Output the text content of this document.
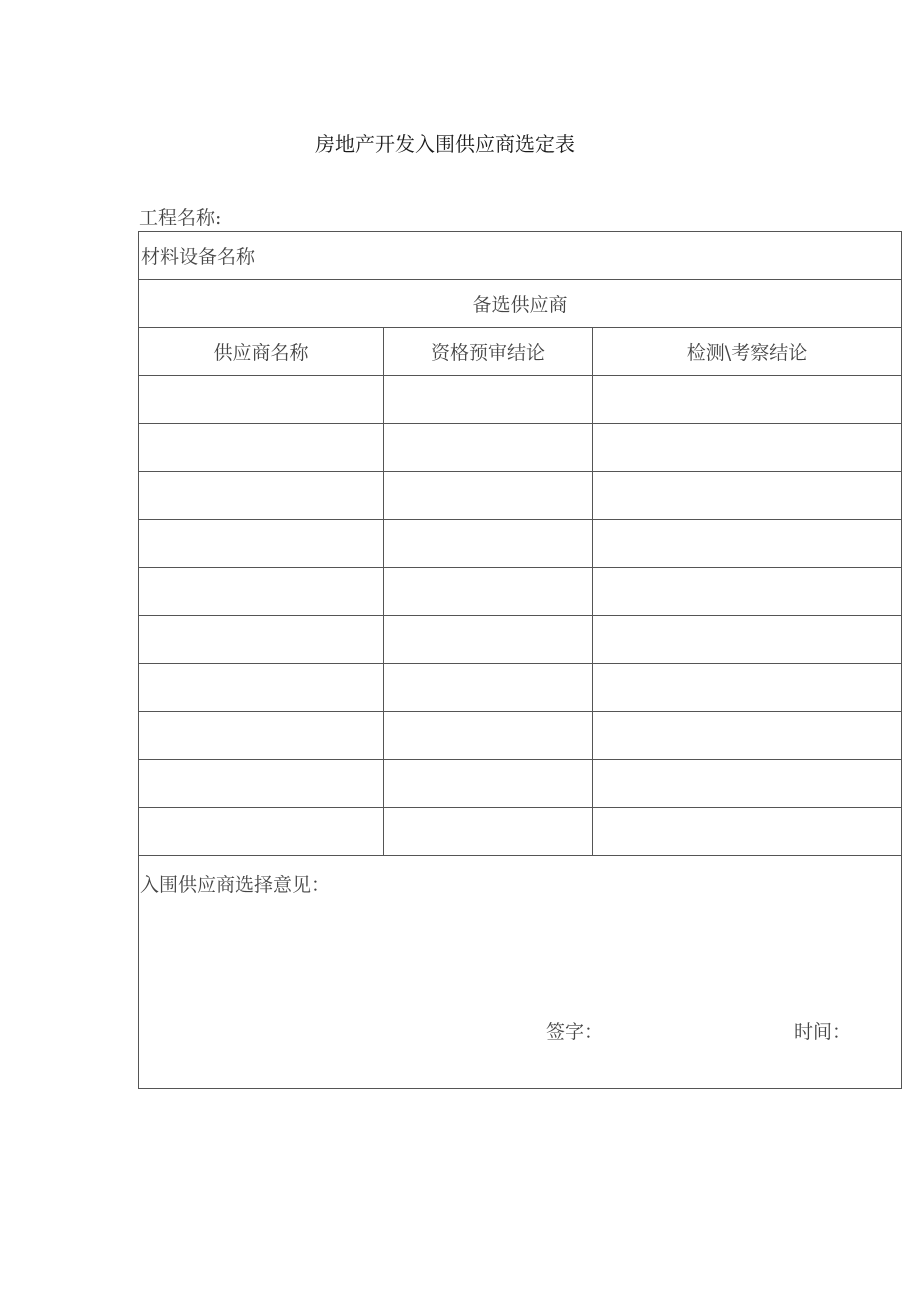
房地产开发入围供应商选定表
工程名称:
材料设备名称		
备选供应商		
供应商名称	资格预审结论	检测\考察结论

入围供应商选择意见：
签字： 时间：		
